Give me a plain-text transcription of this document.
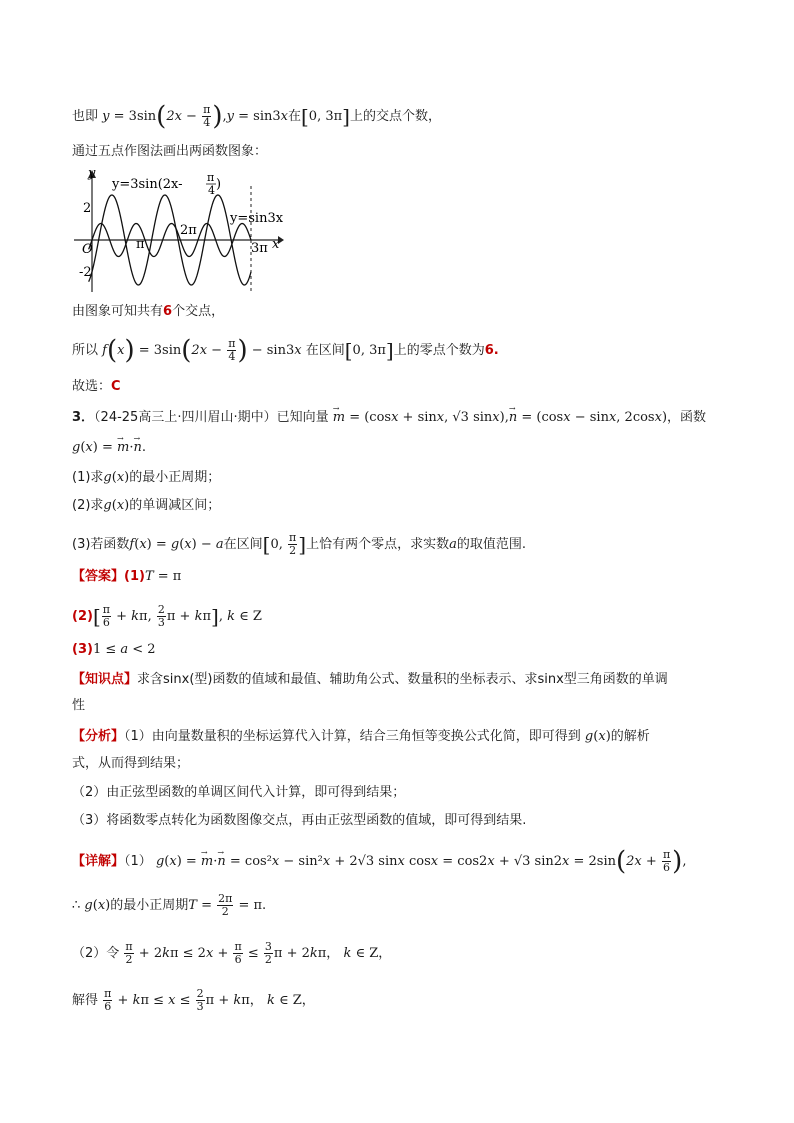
也即 $y = 3\sin(2x - \frac{\pi}{4} ),y = \sin 3x$在[0, 3π]上的交点个数，
通过五点作图法画出两函数图象：
y
x
O
2
-2
π
2π
3π
y=3sin(2x- π
4 )
y=sin3x
由图象可知共有6个交点，
所以 $f(x) = 3\sin(2x - \frac{\pi}{4}$ ) − sin3x 在区间[0, 3π]上的零点个数为6.
故选：C
3．（24-25高三上·四川眉山·期中）已知向量 → m = (cosx + sinx, √3 sinx),→ n = (cosx − sinx, 2cosx)，函数
g(x) = → m·→ n.
(1)求g(x)的最小正周期；
(2)求g(x)的单调减区间；
(3)若函数f(x) = g(x) − a在区间[0, $\frac{\pi}{2}$ ]上恰有两个零点，求实数a的取值范围.
【答案】(1)T = π
$(2)[ \frac{\pi}{6} + k\pi$, $\frac{2}{3}$ π + kπ], k ∈ Z
(3)1 ≤ a < 2
【知识点】求含sinx(型)函数的值域和最值、辅助角公式、数量积的坐标表示、求sinx型三角函数的单调
性
【分析】（1）由向量数量积的坐标运算代入计算，结合三角恒等变换公式化简，即可得到 g(x)的解析
式，从而得到结果；
（2）由正弦型函数的单调区间代入计算，即可得到结果；
（3）将函数零点转化为函数图像交点，再由正弦型函数的值域，即可得到结果.
【详解】（1） g(x) = → m·→ n = cos²x − sin²x + 2√3 sinx cosx = cos2x + √3 $\sin 2x = 2\sin(2x + \frac{\pi}{6}$ ),
∴ g(x)的最小正周期$T = \frac{2\pi}{2} = \pi$.
（2）令 $\frac{\pi}{2} + 2k\pi \le 2x + \frac{\pi}{6} \le \frac{3}{2}$ π + 2kπ， k ∈ Z，
解得 $\frac{\pi}{6} + k\pi \le x \le \frac{2}{3}$ π + kπ， k ∈ Z，
